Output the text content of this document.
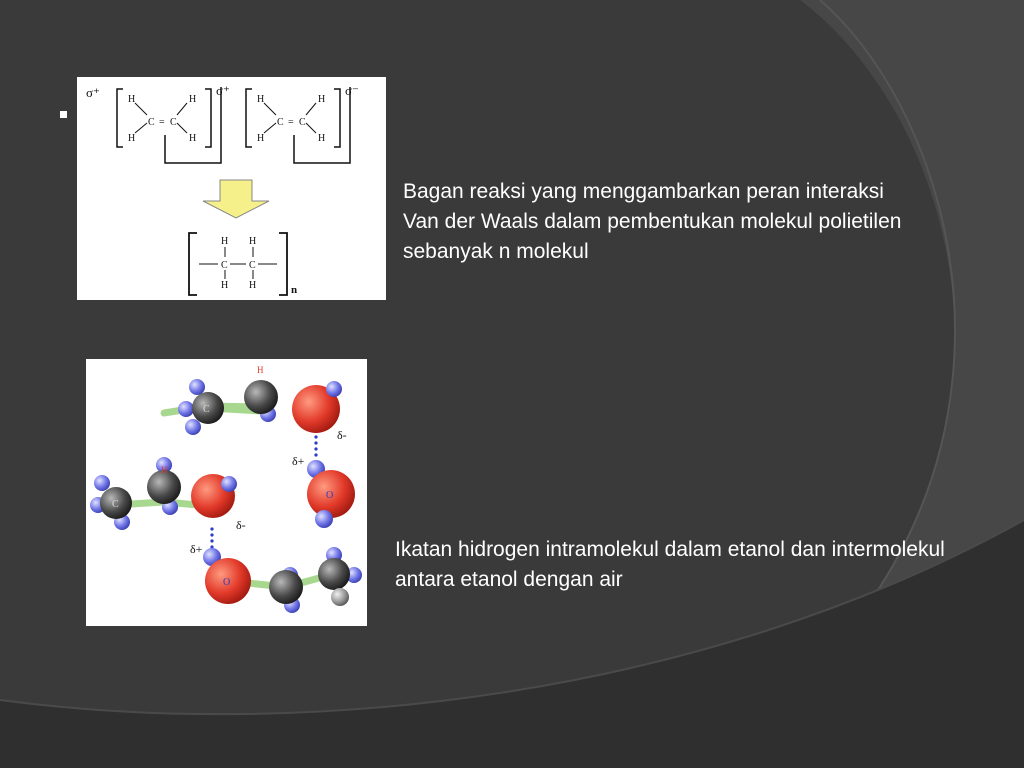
σ⁺	σ⁺	σ⁻
H
H
H
H
C = C
H
H
H
H
C = C
H H
C C
H H	n

Bagan reaksi yang menggambarkan peran interaksi Van der Waals dalam pembentukan molekul polietilen sebanyak n molekul

C
H
C
H
O
O
δ-
δ+
δ-
δ+	Ikatan hidrogen intramolekul dalam etanol dan intermolekul antara etanol dengan air
